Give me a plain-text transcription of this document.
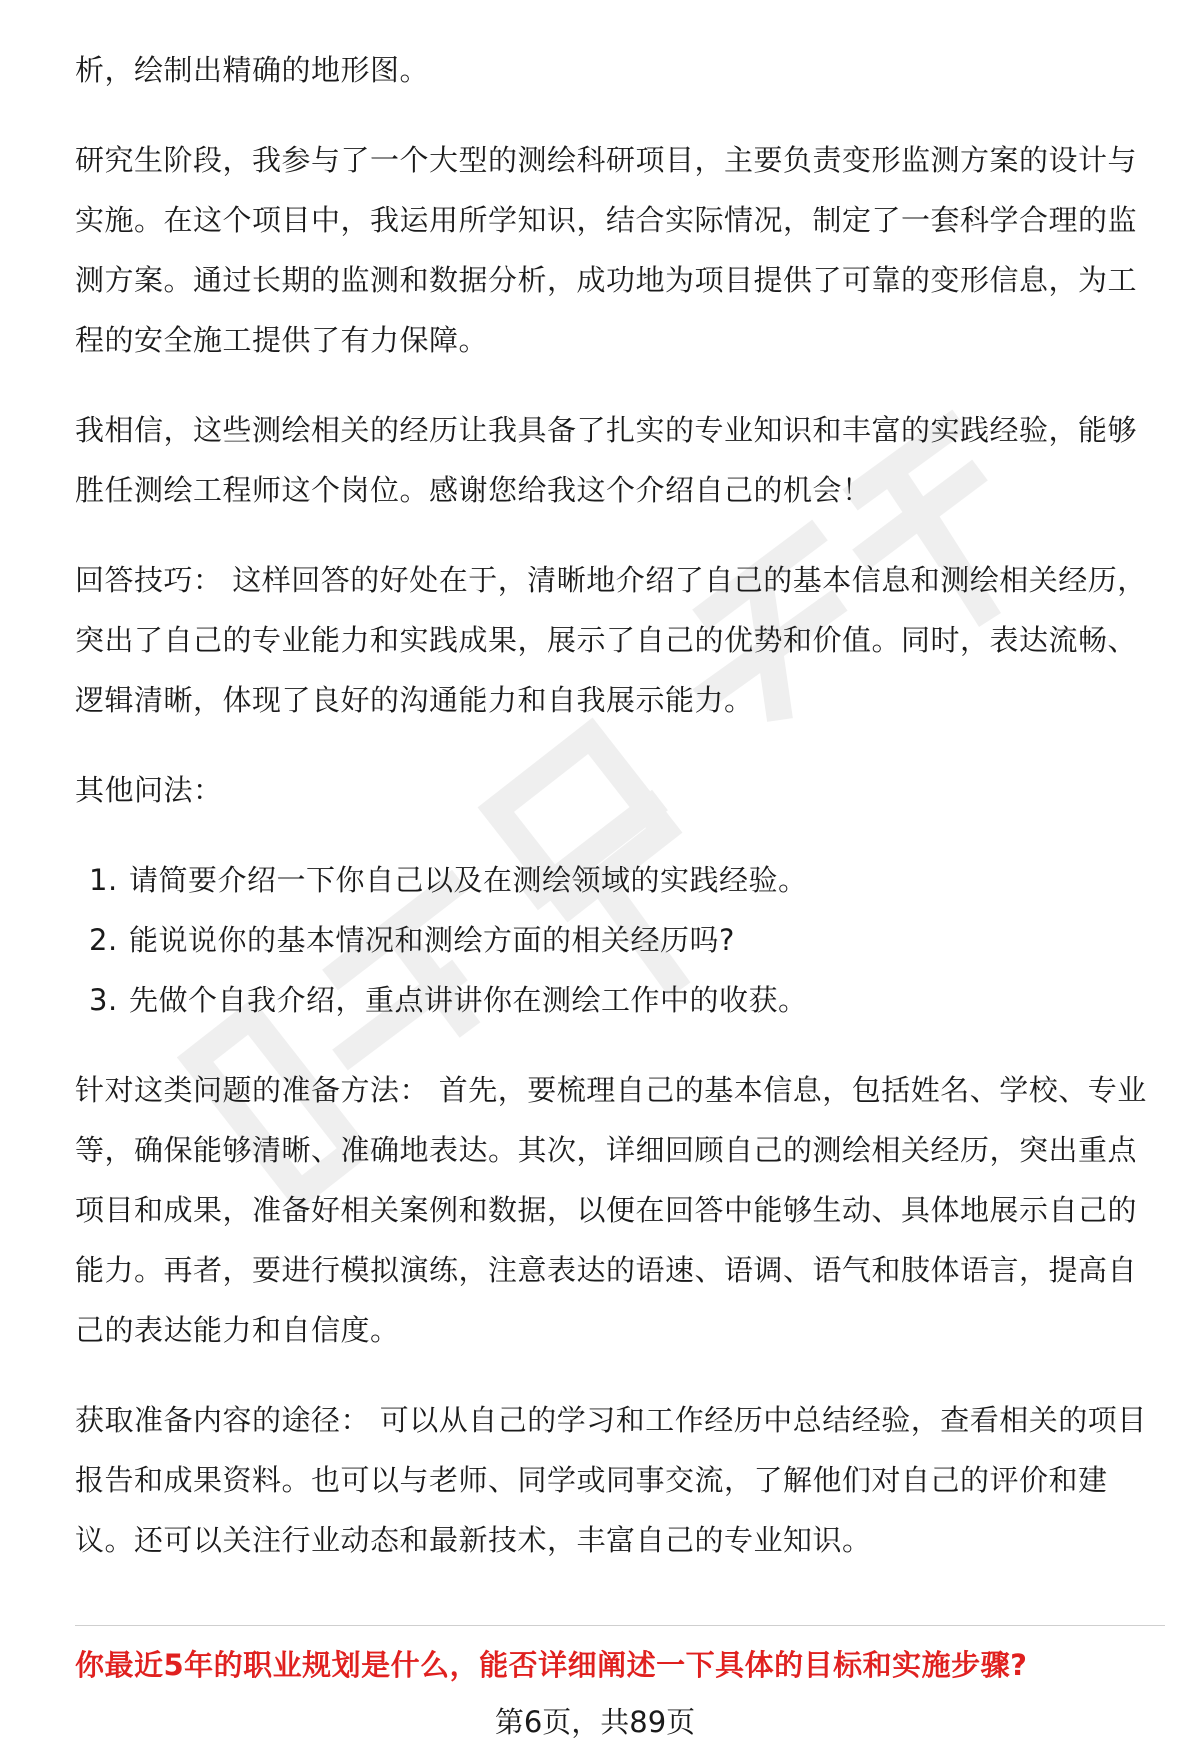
析，绘制出精确的地形图。

研究生阶段，我参与了一个大型的测绘科研项目，主要负责变形监测方案的设计与实施。在这个项目中，我运用所学知识，结合实际情况，制定了一套科学合理的监测方案。通过长期的监测和数据分析，成功地为项目提供了可靠的变形信息，为工程的安全施工提供了有力保障。

我相信，这些测绘相关的经历让我具备了扎实的专业知识和丰富的实践经验，能够胜任测绘工程师这个岗位。感谢您给我这个介绍自己的机会！

回答技巧： 这样回答的好处在于，清晰地介绍了自己的基本信息和测绘相关经历，突出了自己的专业能力和实践成果，展示了自己的优势和价值。同时，表达流畅、逻辑清晰，体现了良好的沟通能力和自我展示能力。

其他问法：

1. 请简要介绍一下你自己以及在测绘领域的实践经验。
2. 能说说你的基本情况和测绘方面的相关经历吗?
3. 先做个自我介绍，重点讲讲你在测绘工作中的收获。

针对这类问题的准备方法： 首先，要梳理自己的基本信息，包括姓名、学校、专业等，确保能够清晰、准确地表达。其次，详细回顾自己的测绘相关经历，突出重点项目和成果，准备好相关案例和数据，以便在回答中能够生动、具体地展示自己的能力。再者，要进行模拟演练，注意表达的语速、语调、语气和肢体语言，提高自己的表达能力和自信度。

获取准备内容的途径： 可以从自己的学习和工作经历中总结经验，查看相关的项目报告和成果资料。也可以与老师、同学或同事交流，了解他们对自己的评价和建议。还可以关注行业动态和最新技术，丰富自己的专业知识。

你最近5年的职业规划是什么，能否详细阐述一下具体的目标和实施步骤?
第6页，共89页
